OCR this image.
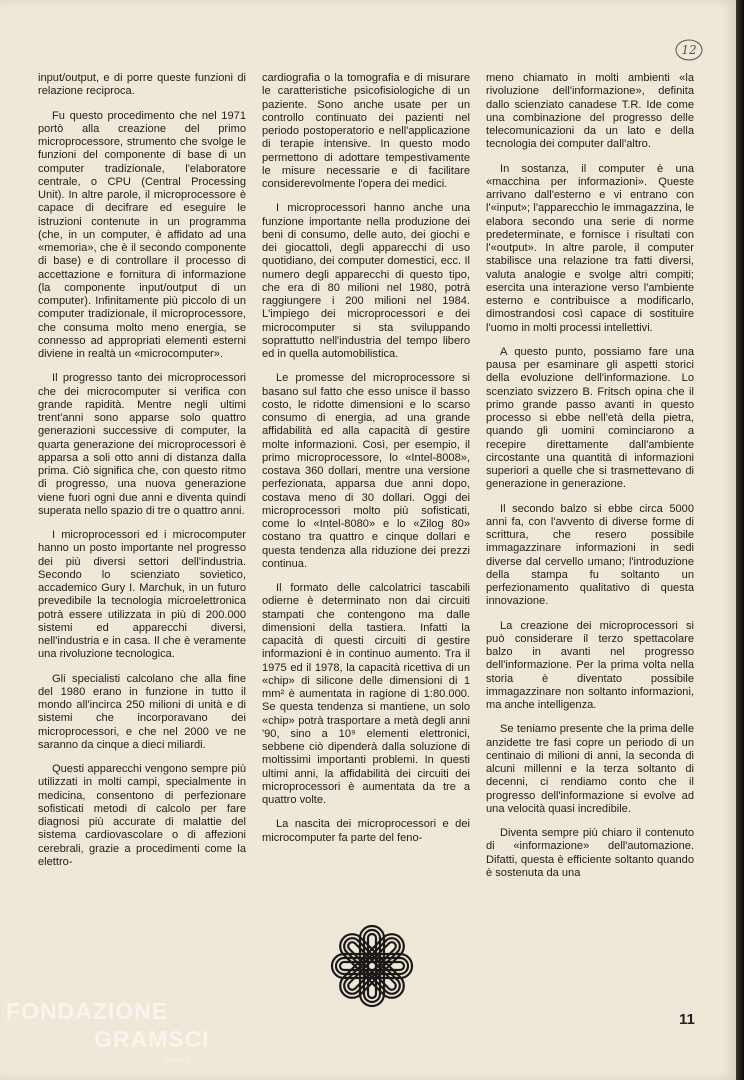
12

input/output, e di porre queste funzioni di relazione reciproca.

Fu questo procedimento che nel 1971 portò alla creazione del primo microprocessore, strumento che svolge le funzioni del componente di base di un computer tradizionale, l'elaboratore centrale, o CPU (Central Processing Unit). In altre parole, il microprocessore è capace di decifrare ed eseguire le istruzioni contenute in un programma (che, in un computer, è affidato ad una «memoria», che è il secondo componente di base) e di controllare il processo di accettazione e fornitura di informazione (la componente input/output di un computer). Infinitamente più piccolo di un computer tradizionale, il microprocessore, che consuma molto meno energia, se connesso ad appropriati elementi esterni diviene in realtà un «microcomputer».

Il progresso tanto dei microprocessori che dei microcomputer si verifica con grande rapidità. Mentre negli ultimi trent'anni sono apparse solo quattro generazioni successive di computer, la quarta generazione dei microprocessori è apparsa a soli otto anni di distanza dalla prima. Ciò significa che, con questo ritmo di progresso, una nuova generazione viene fuori ogni due anni e diventa quindi superata nello spazio di tre o quattro anni.

I microprocessori ed i microcomputer hanno un posto importante nel progresso dei più diversi settori dell'industria. Secondo lo scienziato sovietico, accademico Gury I. Marchuk, in un futuro prevedibile la tecnologia microelettronica potrà essere utilizzata in più di 200.000 sistemi ed apparecchi diversi, nell'industria e in casa. Il che è veramente una rivoluzione tecnologica.

Gli specialisti calcolano che alla fine del 1980 erano in funzione in tutto il mondo all'incirca 250 milioni di unità e di sistemi che incorporavano dei microprocessori, e che nel 2000 ve ne saranno da cinque a dieci miliardi.

Questi apparecchi vengono sempre più utilizzati in molti campi, specialmente in medicina, consentono di perfezionare sofisticati metodi di calcolo per fare diagnosi più accurate di malattie del sistema cardiovascolare o di affezioni cerebrali, grazie a procedimenti come la elettro-

cardiografia o la tomografia e di misurare le caratteristiche psicofisiologiche di un paziente. Sono anche usate per un controllo continuato dei pazienti nel periodo postoperatorio e nell'applicazione di terapie intensive. In questo modo permettono di adottare tempestivamente le misure necessarie e di facilitare considerevolmente l'opera dei medici.

I microprocessori hanno anche una funzione importante nella produzione dei beni di consumo, delle auto, dei giochi e dei giocattoli, degli apparecchi di uso quotidiano, dei computer domestici, ecc. Il numero degli apparecchi di questo tipo, che era di 80 milioni nel 1980, potrà raggiungere i 200 milioni nel 1984. L'impiego dei microprocessori e dei microcomputer si sta sviluppando soprattutto nell'industria del tempo libero ed in quella automobilistica.

Le promesse del microprocessore si basano sul fatto che esso unisce il basso costo, le ridotte dimensioni e lo scarso consumo di energia, ad una grande affidabilità ed alla capacità di gestire molte informazioni. Così, per esempio, il primo microprocessore, lo «Intel-8008», costava 360 dollari, mentre una versione perfezionata, apparsa due anni dopo, costava meno di 30 dollari. Oggi dei microprocessori molto più sofisticati, come lo «Intel-8080» e lo «Zilog 80» costano tra quattro e cinque dollari e questa tendenza alla riduzione dei prezzi continua.

Il formato delle calcolatrici tascabili odierne è determinato non dai circuiti stampati che contengono ma dalle dimensioni della tastiera. Infatti la capacità di questi circuiti di gestire informazioni è in continuo aumento. Tra il 1975 ed il 1978, la capacità ricettiva di un «chip» di silicone delle dimensioni di 1 mm² è aumentata in ragione di 1:80.000. Se questa tendenza si mantiene, un solo «chip» potrà trasportare a metà degli anni '90, sino a 10⁹ elementi elettronici, sebbene ciò dipenderà dalla soluzione di moltissimi importanti problemi. In questi ultimi anni, la affidabilità dei circuiti dei microprocessori è aumentata da tre a quattro volte.

La nascita dei microprocessori e dei microcomputer fa parte del feno-

meno chiamato in molti ambienti «la rivoluzione dell'informazione», definita dallo scienziato canadese T.R. Ide come una combinazione del progresso delle telecomunicazioni da un lato e della tecnologia dei computer dall'altro.

In sostanza, il computer è una «macchina per informazioni». Queste arrivano dall'esterno e vi entrano con l'«input»; l'apparecchio le immagazzina, le elabora secondo una serie di norme predeterminate, e fornisce i risultati con l'«output». In altre parole, il computer stabilisce una relazione tra fatti diversi, valuta analogie e svolge altri compiti; esercita una interazione verso l'ambiente esterno e contribuisce a modificarlo, dimostrandosi così capace di sostituire l'uomo in molti processi intellettivi.

A questo punto, possiamo fare una pausa per esaminare gli aspetti storici della evoluzione dell'informazione. Lo scenziato svizzero B. Fritsch opina che il primo grande passo avanti in questo processo si ebbe nell'età della pietra, quando gli uomini cominciarono a recepire direttamente dall'ambiente circostante una quantità di informazioni superiori a quelle che si trasmettevano di generazione in generazione.

Il secondo balzo si ebbe circa 5000 anni fa, con l'avvento di diverse forme di scrittura, che resero possibile immagazzinare informazioni in sedi diverse dal cervello umano; l'introduzione della stampa fu soltanto un perfezionamento qualitativo di questa innovazione.

La creazione dei microprocessori si può considerare il terzo spettacolare balzo in avanti nel progresso dell'informazione. Per la prima volta nella storia è diventato possibile immagazzinare non soltanto informazioni, ma anche intelligenza.

Se teniamo presente che la prima delle anzidette tre fasi copre un periodo di un centinaio di milioni di anni, la seconda di alcuni millenni e la terza soltanto di decenni, ci rendiamo conto che il progresso dell'informazione si evolve ad una velocità quasi incredibile.

Diventa sempre più chiaro il contenuto di «informazione» dell'automazione. Difatti, questa è efficiente soltanto quando è sostenuta da una

11
FONDAZIONE
GRAMSCI
onlus
